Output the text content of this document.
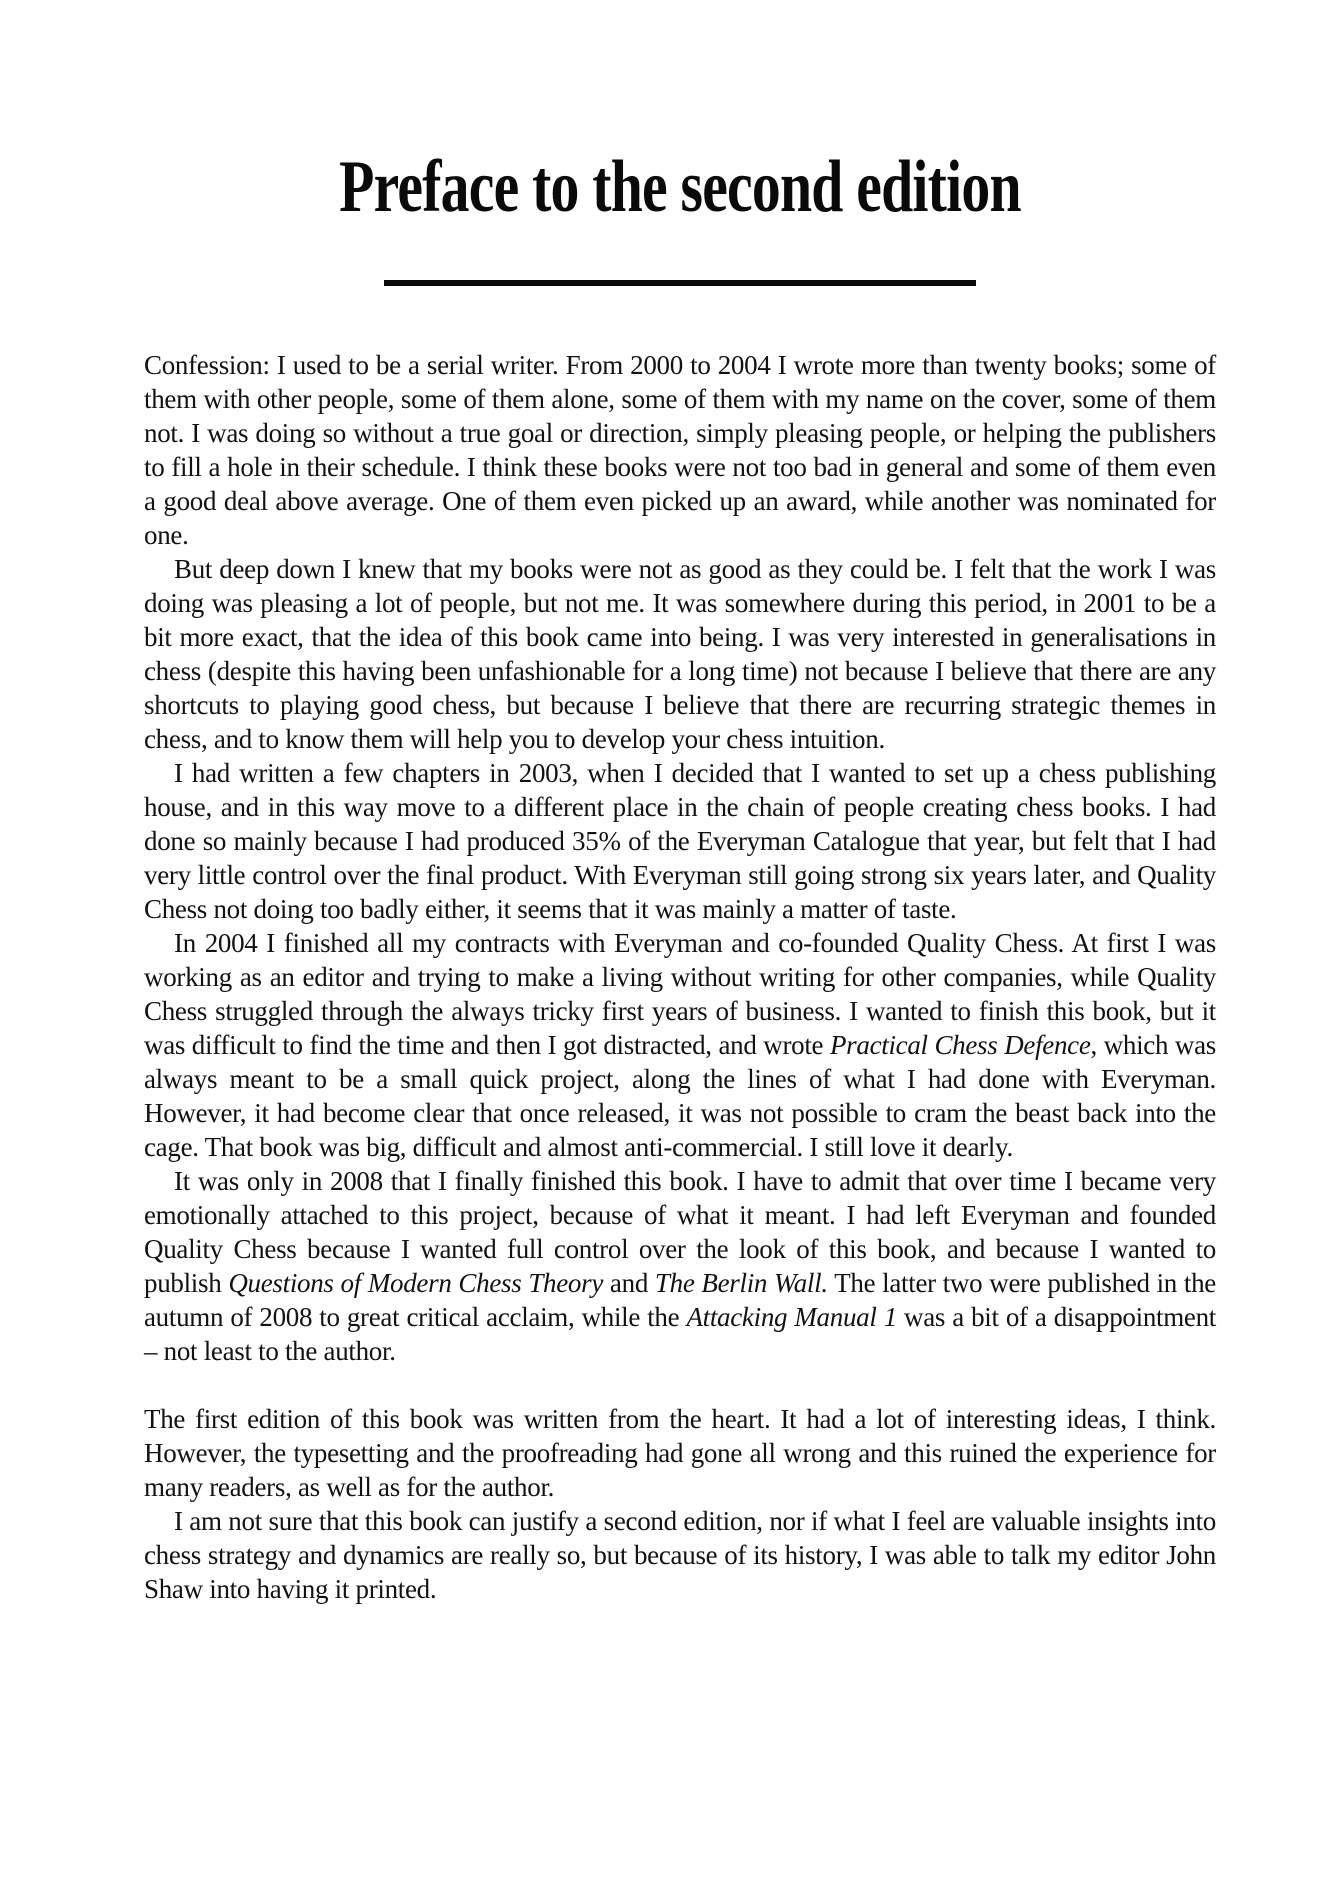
Preface to the second edition

Confession: I used to be a serial writer. From 2000 to 2004 I wrote more than twenty books; some of them with other people, some of them alone, some of them with my name on the cover, some of them not. I was doing so without a true goal or direction, simply pleasing people, or helping the publishers to fill a hole in their schedule. I think these books were not too bad in general and some of them even a good deal above average. One of them even picked up an award, while another was nominated for one.

But deep down I knew that my books were not as good as they could be. I felt that the work I was doing was pleasing a lot of people, but not me. It was somewhere during this period, in 2001 to be a bit more exact, that the idea of this book came into being. I was very interested in generalisations in chess (despite this having been unfashionable for a long time) not because I believe that there are any shortcuts to playing good chess, but because I believe that there are recurring strategic themes in chess, and to know them will help you to develop your chess intuition.

I had written a few chapters in 2003, when I decided that I wanted to set up a chess publishing house, and in this way move to a different place in the chain of people creating chess books. I had done so mainly because I had produced 35% of the Everyman Catalogue that year, but felt that I had very little control over the final product. With Everyman still going strong six years later, and Quality Chess not doing too badly either, it seems that it was mainly a matter of taste.

In 2004 I finished all my contracts with Everyman and co-founded Quality Chess. At first I was working as an editor and trying to make a living without writing for other companies, while Quality Chess struggled through the always tricky first years of business. I wanted to finish this book, but it was difficult to find the time and then I got distracted, and wrote Practical Chess Defence, which was always meant to be a small quick project, along the lines of what I had done with Everyman. However, it had become clear that once released, it was not possible to cram the beast back into the cage. That book was big, difficult and almost anti-commercial. I still love it dearly.

It was only in 2008 that I finally finished this book. I have to admit that over time I became very emotionally attached to this project, because of what it meant. I had left Everyman and founded Quality Chess because I wanted full control over the look of this book, and because I wanted to publish Questions of Modern Chess Theory and The Berlin Wall. The latter two were published in the autumn of 2008 to great critical acclaim, while the Attacking Manual 1 was a bit of a disappointment – not least to the author.

The first edition of this book was written from the heart. It had a lot of interesting ideas, I think. However, the typesetting and the proofreading had gone all wrong and this ruined the experience for many readers, as well as for the author.

I am not sure that this book can justify a second edition, nor if what I feel are valuable insights into chess strategy and dynamics are really so, but because of its history, I was able to talk my editor John Shaw into having it printed.
